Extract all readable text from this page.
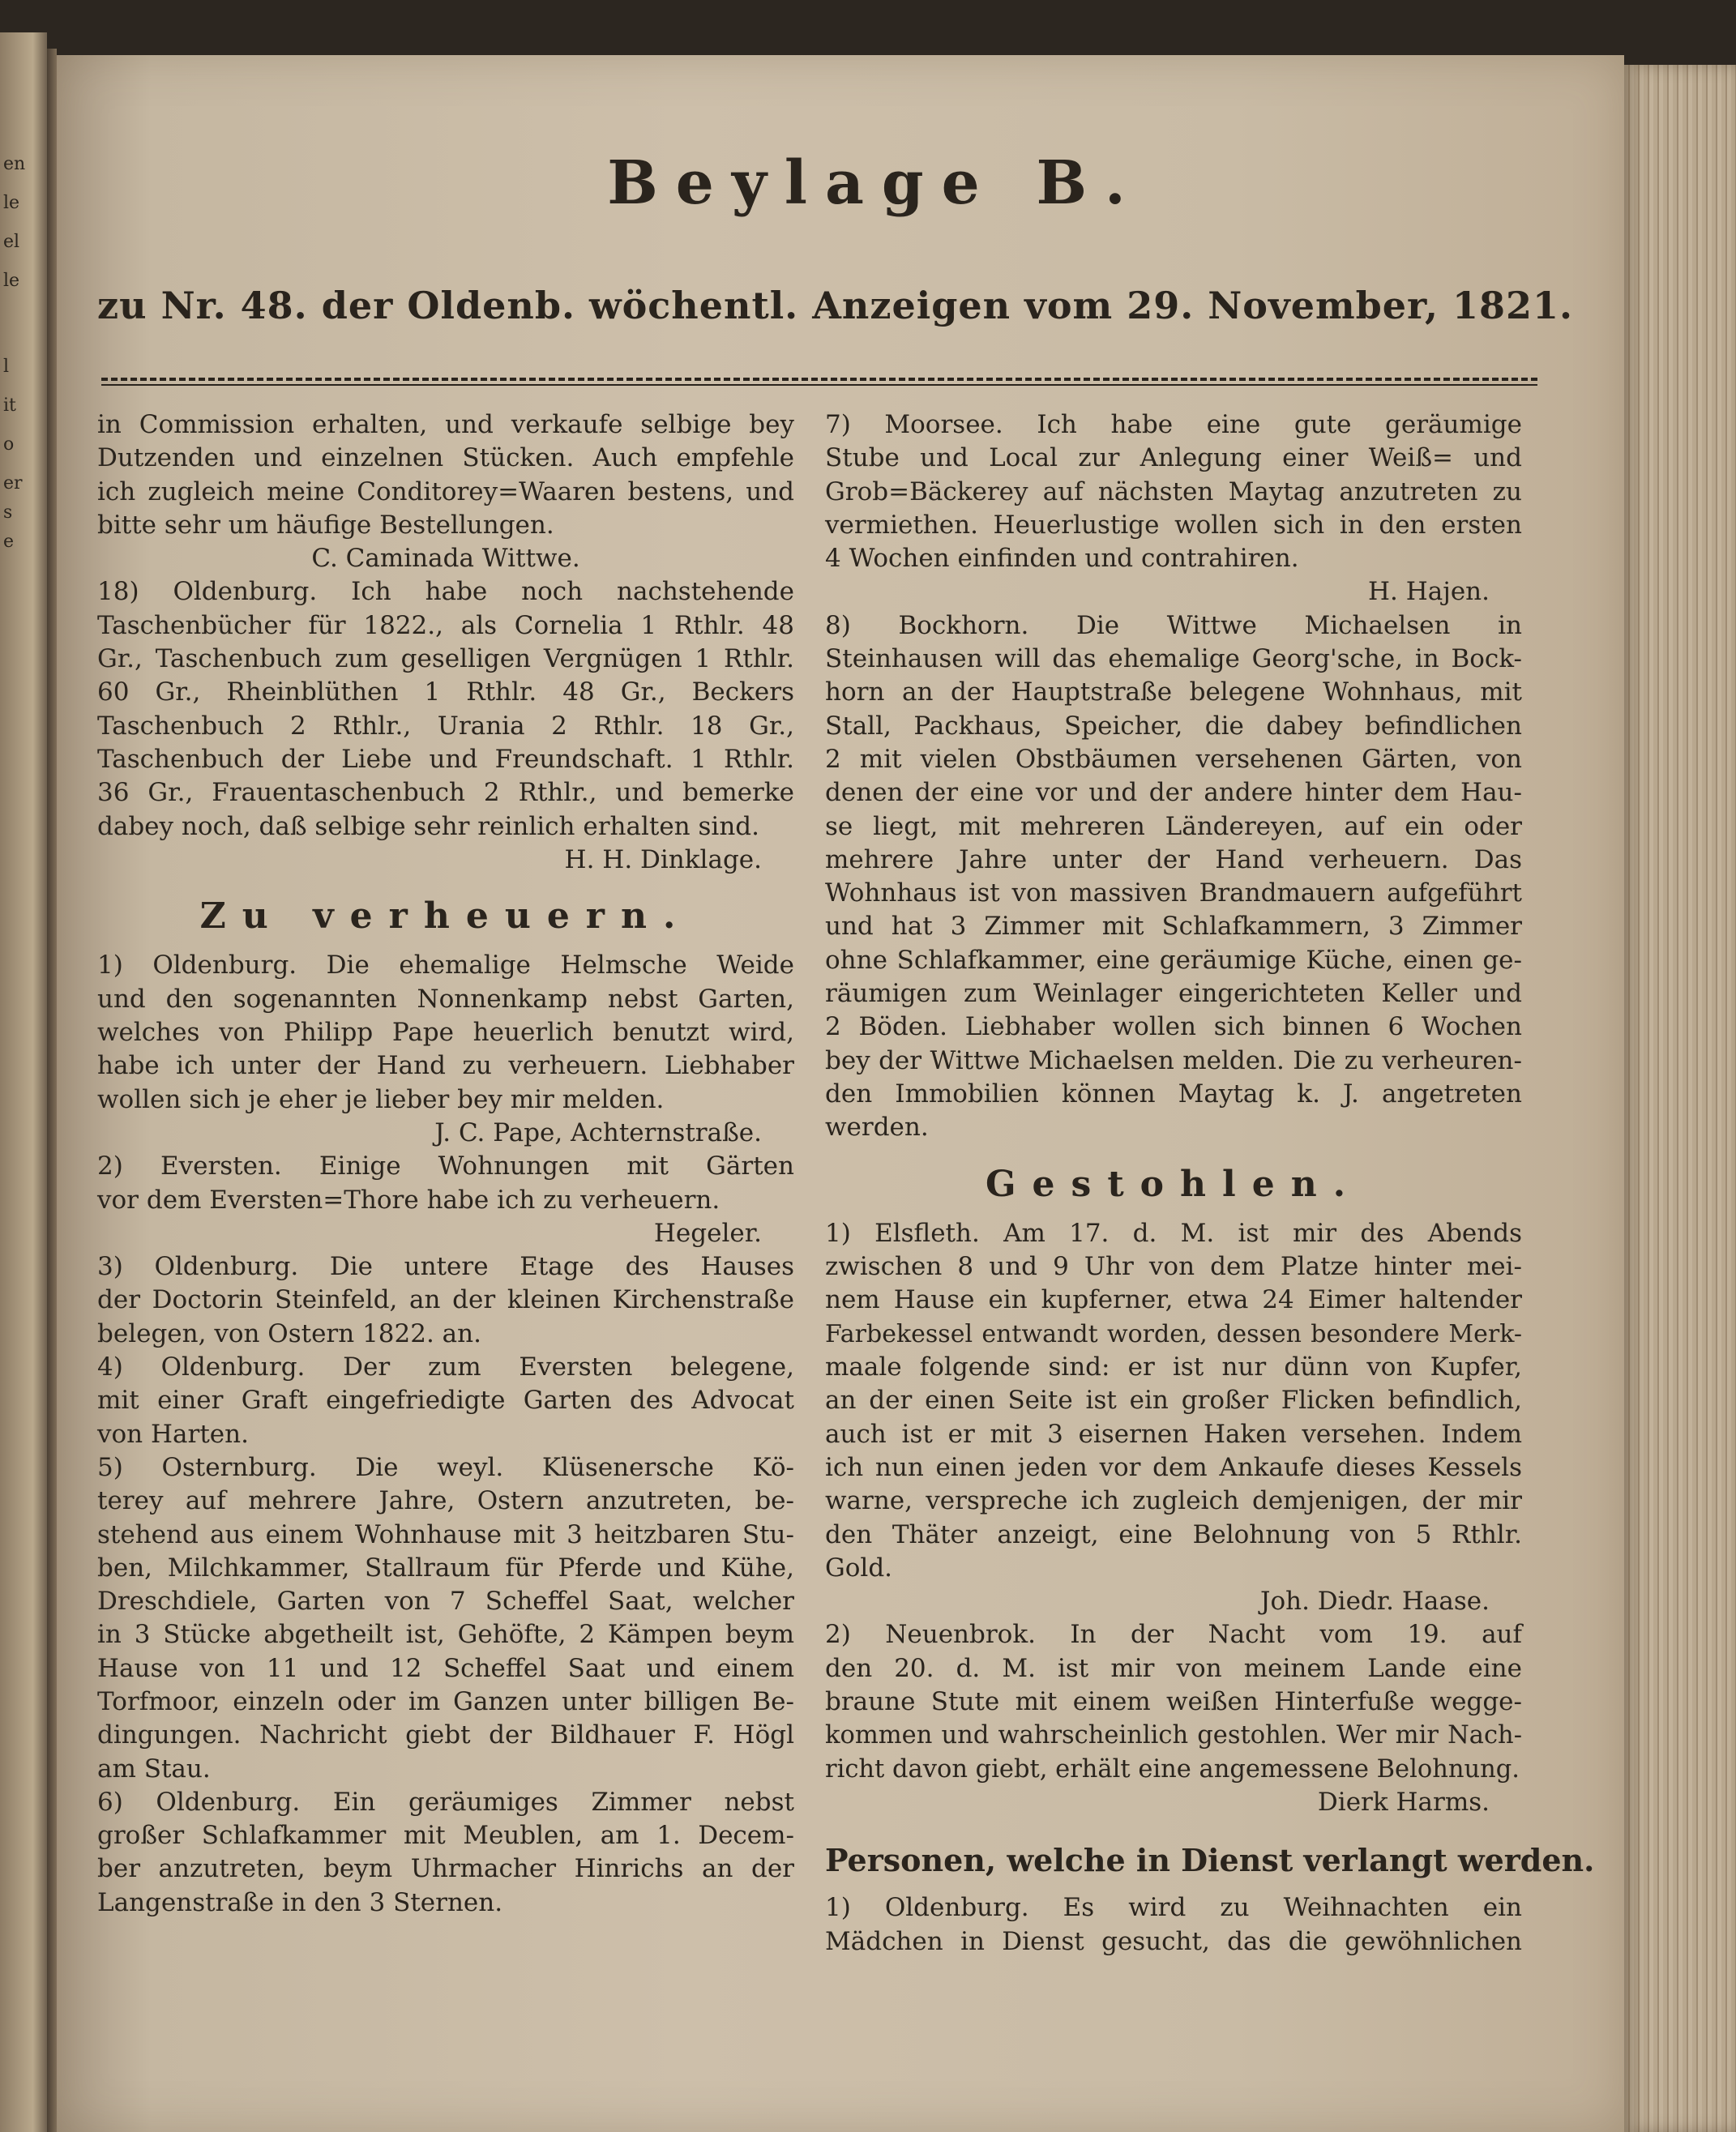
en
le
el
le
l
it
o
er
s
e
Beylage B.
zu Nr. 48. der Oldenb. wöchentl. Anzeigen vom 29. November, 1821.

in Commission erhalten, und verkaufe selbige bey
Dutzenden und einzelnen Stücken. Auch empfehle
ich zugleich meine Conditorey=Waaren bestens, und
bitte sehr um häufige Bestellungen.
C. Caminada Wittwe.

18) Oldenburg. Ich habe noch nachstehende
Taschenbücher für 1822., als Cornelia 1 Rthlr. 48
Gr., Taschenbuch zum geselligen Vergnügen 1 Rthlr.
60 Gr., Rheinblüthen 1 Rthlr. 48 Gr., Beckers
Taschenbuch 2 Rthlr., Urania 2 Rthlr. 18 Gr.,
Taschenbuch der Liebe und Freundschaft. 1 Rthlr.
36 Gr., Frauentaschenbuch 2 Rthlr., und bemerke
dabey noch, daß selbige sehr reinlich erhalten sind.
H. H. Dinklage.

Zu verheuern.

1) Oldenburg. Die ehemalige Helmsche Weide
und den sogenannten Nonnenkamp nebst Garten,
welches von Philipp Pape heuerlich benutzt wird,
habe ich unter der Hand zu verheuern. Liebhaber
wollen sich je eher je lieber bey mir melden.
J. C. Pape, Achternstraße.

2) Eversten. Einige Wohnungen mit Gärten
vor dem Eversten=Thore habe ich zu verheuern.
Hegeler.

3) Oldenburg. Die untere Etage des Hauses
der Doctorin Steinfeld, an der kleinen Kirchenstraße
belegen, von Ostern 1822. an.

4) Oldenburg. Der zum Eversten belegene,
mit einer Graft eingefriedigte Garten des Advocat
von Harten.

5) Osternburg. Die weyl. Klüsenersche Kö-
terey auf mehrere Jahre, Ostern anzutreten, be-
stehend aus einem Wohnhause mit 3 heitzbaren Stu-
ben, Milchkammer, Stallraum für Pferde und Kühe,
Dreschdiele, Garten von 7 Scheffel Saat, welcher
in 3 Stücke abgetheilt ist, Gehöfte, 2 Kämpen beym
Hause von 11 und 12 Scheffel Saat und einem
Torfmoor, einzeln oder im Ganzen unter billigen Be-
dingungen. Nachricht giebt der Bildhauer F. Högl
am Stau.

6) Oldenburg. Ein geräumiges Zimmer nebst
großer Schlafkammer mit Meublen, am 1. Decem-
ber anzutreten, beym Uhrmacher Hinrichs an der
Langenstraße in den 3 Sternen.

7) Moorsee. Ich habe eine gute geräumige
Stube und Local zur Anlegung einer Weiß= und
Grob=Bäckerey auf nächsten Maytag anzutreten zu
vermiethen. Heuerlustige wollen sich in den ersten
4 Wochen einfinden und contrahiren.
H. Hajen.

8) Bockhorn. Die Wittwe Michaelsen in
Steinhausen will das ehemalige Georg'sche, in Bock-
horn an der Hauptstraße belegene Wohnhaus, mit
Stall, Packhaus, Speicher, die dabey befindlichen
2 mit vielen Obstbäumen versehenen Gärten, von
denen der eine vor und der andere hinter dem Hau-
se liegt, mit mehreren Ländereyen, auf ein oder
mehrere Jahre unter der Hand verheuern. Das
Wohnhaus ist von massiven Brandmauern aufgeführt
und hat 3 Zimmer mit Schlafkammern, 3 Zimmer
ohne Schlafkammer, eine geräumige Küche, einen ge-
räumigen zum Weinlager eingerichteten Keller und
2 Böden. Liebhaber wollen sich binnen 6 Wochen
bey der Wittwe Michaelsen melden. Die zu verheuren-
den Immobilien können Maytag k. J. angetreten
werden.

Gestohlen.

1) Elsfleth. Am 17. d. M. ist mir des Abends
zwischen 8 und 9 Uhr von dem Platze hinter mei-
nem Hause ein kupferner, etwa 24 Eimer haltender
Farbekessel entwandt worden, dessen besondere Merk-
maale folgende sind: er ist nur dünn von Kupfer,
an der einen Seite ist ein großer Flicken befindlich,
auch ist er mit 3 eisernen Haken versehen. Indem
ich nun einen jeden vor dem Ankaufe dieses Kessels
warne, verspreche ich zugleich demjenigen, der mir
den Thäter anzeigt, eine Belohnung von 5 Rthlr.
Gold.
Joh. Diedr. Haase.

2) Neuenbrok. In der Nacht vom 19. auf
den 20. d. M. ist mir von meinem Lande eine
braune Stute mit einem weißen Hinterfuße wegge-
kommen und wahrscheinlich gestohlen. Wer mir Nach-
richt davon giebt, erhält eine angemessene Belohnung.
Dierk Harms.

Personen, welche in Dienst verlangt werden.

1) Oldenburg. Es wird zu Weihnachten ein
Mädchen in Dienst gesucht, das die gewöhnlichen
